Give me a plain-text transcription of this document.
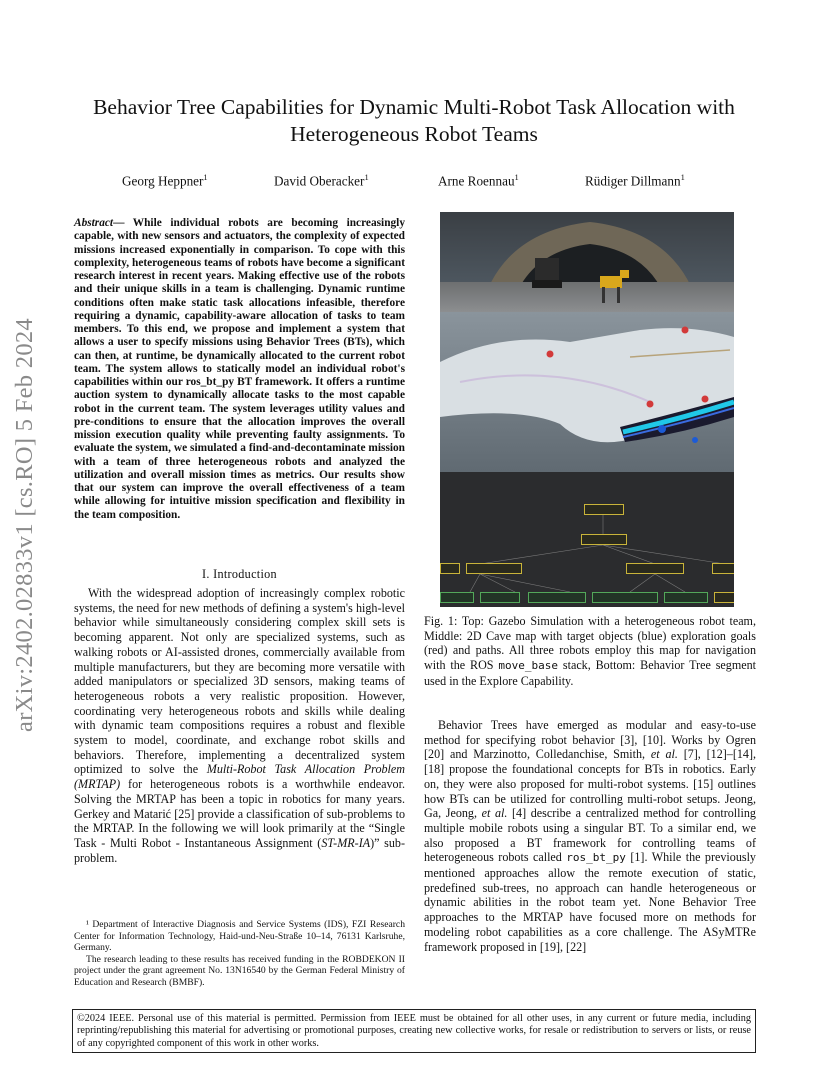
Behavior Tree Capabilities for Dynamic Multi-Robot Task Allocation with Heterogeneous Robot Teams
Georg Heppner$^1$	David Oberacker$^1$	Arne Roennau$^1$	Rüdiger Dillmann$^1$
arXiv:2402.02833v1 [cs.RO] 5 Feb 2024
Abstract— While individual robots are becoming increasingly capable, with new sensors and actuators, the complexity of expected missions increased exponentially in comparison. To cope with this complexity, heterogeneous teams of robots have become a significant research interest in recent years. Making effective use of the robots and their unique skills in a team is challenging. Dynamic runtime conditions often make static task allocations infeasible, therefore requiring a dynamic, capability-aware allocation of tasks to team members. To this end, we propose and implement a system that allows a user to specify missions using Behavior Trees (BTs), which can then, at runtime, be dynamically allocated to the current robot team. The system allows to statically model an individual robot's capabilities within our ros_bt_py BT framework. It offers a runtime auction system to dynamically allocate tasks to the most capable robot in the current team. The system leverages utility values and pre-conditions to ensure that the allocation improves the overall mission execution quality while preventing faulty assignments. To evaluate the system, we simulated a find-and-decontaminate mission with a team of three heterogeneous robots and analyzed the utilization and overall mission times as metrics. Our results show that our system can improve the overall effectiveness of a team while allowing for intuitive mission specification and flexibility in the team composition.
I. Introduction
With the widespread adoption of increasingly complex robotic systems, the need for new methods of defining a system's high-level behavior while simultaneously considering complex skill sets is becoming apparent. Not only are specialized systems, such as walking robots or AI-assisted drones, commercially available from multiple manufacturers, but they are becoming more versatile with added manipulators or specialized 3D sensors, making teams of heterogeneous robots a very realistic proposition. However, coordinating very heterogeneous robots and skills while dealing with dynamic team compositions requires a robust and flexible system to model, coordinate, and exchange robot skills and behaviors. Therefore, implementing a decentralized system optimized to solve the Multi-Robot Task Allocation Problem (MRTAP) for heterogeneous robots is a worthwhile endeavor. Solving the MRTAP has been a topic in robotics for many years. Gerkey and Matarić [25] provide a classification of sub-problems to the MRTAP. In the following we will look primarily at the “Single Task - Multi Robot - Instantaneous Assignment (ST-MR-IA)” sub-problem.

¹ Department of Interactive Diagnosis and Service Systems (IDS), FZI Research Center for Information Technology, Haid-und-Neu-Straße 10–14, 76131 Karlsruhe, Germany.

The research leading to these results has received funding in the ROBDEKON II project under the grant agreement No. 13N16540 by the German Federal Ministry of Education and Research (BMBF).

Fig. 1: Top: Gazebo Simulation with a heterogeneous robot team, Middle: 2D Cave map with target objects (blue) exploration goals (red) and paths. All three robots employ this map for navigation with the ROS move_base stack, Bottom: Behavior Tree segment used in the Explore Capability.
Behavior Trees have emerged as modular and easy-to-use method for specifying robot behavior [3], [10]. Works by Ogren [20] and Marzinotto, Colledanchise, Smith, et al. [7], [12]–[14], [18] propose the foundational concepts for BTs in robotics. Early on, they were also proposed for multi-robot systems. [15] outlines how BTs can be utilized for controlling multi-robot setups. Jeong, Ga, Jeong, et al. [4] describe a centralized method for controlling multiple mobile robots using a singular BT. To a similar end, we also proposed a BT framework for controlling teams of heterogeneous robots called ros_bt_py [1]. While the previously mentioned approaches allow the remote execution of static, predefined sub-trees, no approach can handle heterogeneous or dynamic abilities in the robot team yet. None Behavior Tree approaches to the MRTAP have focused more on methods for modeling robot capabilities as a core challenge. The ASyMTRe framework proposed in [19], [22]
©2024 IEEE. Personal use of this material is permitted. Permission from IEEE must be obtained for all other uses, in any current or future media, including reprinting/republishing this material for advertising or promotional purposes, creating new collective works, for resale or redistribution to servers or lists, or reuse of any copyrighted component of this work in other works.
